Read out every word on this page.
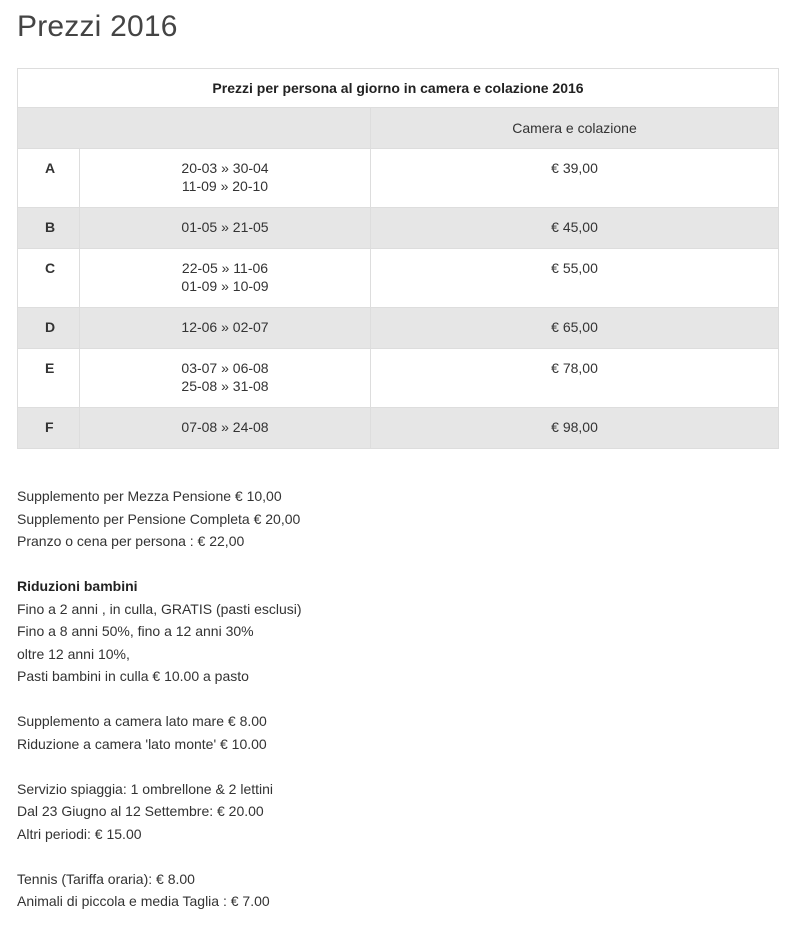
Prezzi 2016
Prezzi per persona al giorno in camera e colazione 2016		
		Camera e colazione

A	20-03 » 30-04
11-09 » 20-10	€ 39,00

B	01-05 » 21-05	€ 45,00

C	22-05 » 11-06
01-09 » 10-09	€ 55,00

D	12-06 » 02-07	€ 65,00

E	03-07 » 06-08
25-08 » 31-08	€ 78,00

F	07-08 » 24-08	€ 98,00
Supplemento per Mezza Pensione € 10,00
Supplemento per Pensione Completa € 20,00
Pranzo o cena per persona : € 22,00
Riduzioni bambini
Fino a 2 anni , in culla, GRATIS (pasti esclusi)
Fino a 8 anni 50%, fino a 12 anni 30%
oltre 12 anni 10%,
Pasti bambini in culla € 10.00 a pasto
Supplemento a camera lato mare € 8.00
Riduzione a camera 'lato monte' € 10.00
Servizio spiaggia: 1 ombrellone & 2 lettini
Dal 23 Giugno al 12 Settembre: € 20.00
Altri periodi: € 15.00
Tennis (Tariffa oraria): € 8.00
Animali di piccola e media Taglia : € 7.00
